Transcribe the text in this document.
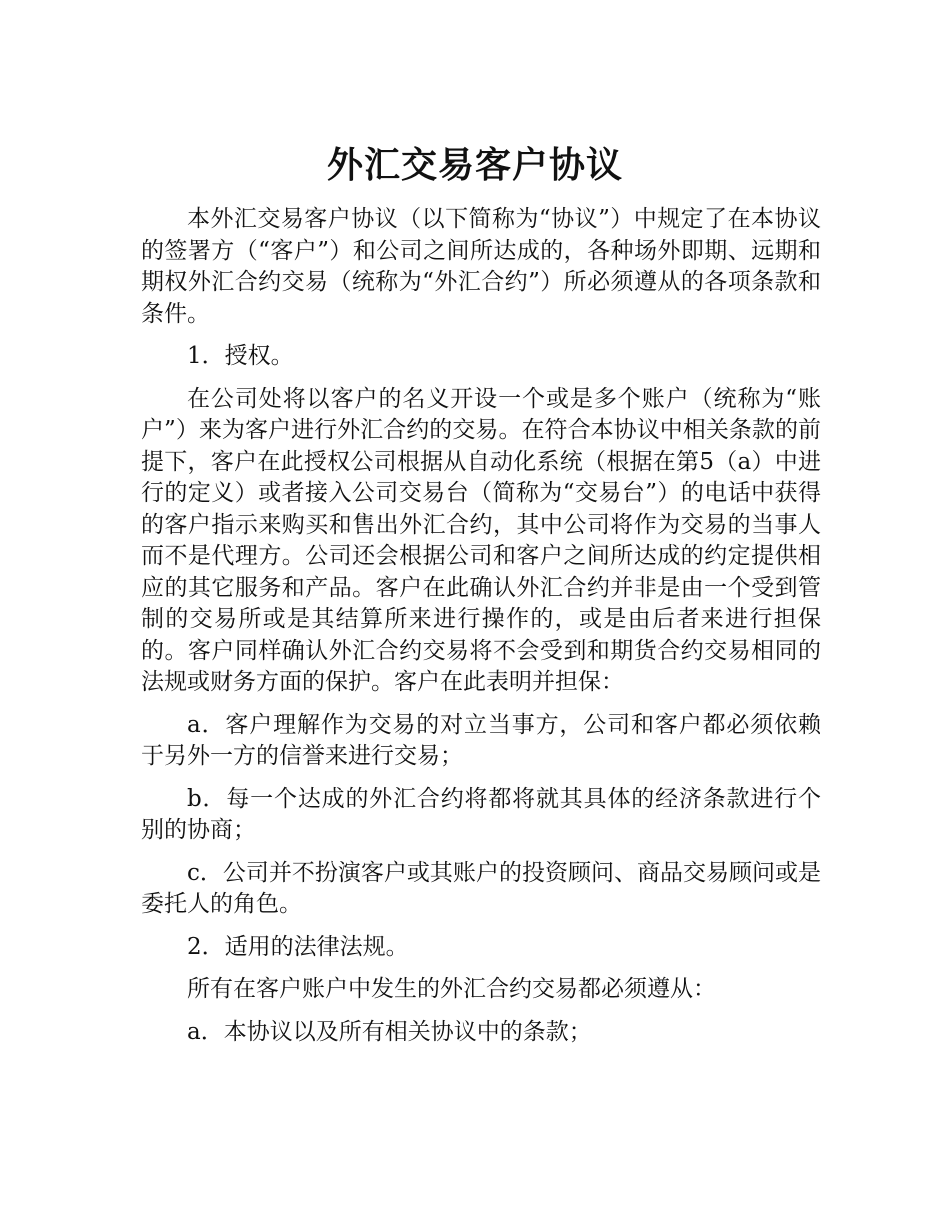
外汇交易客户协议

本外汇交易客户协议（以下简称为“协议”）中规定了在本协议的签署方（“客户”）和公司之间所达成的，各种场外即期、远期和期权外汇合约交易（统称为“外汇合约”）所必须遵从的各项条款和条件。

1．授权。

在公司处将以客户的名义开设一个或是多个账户（统称为“账户”）来为客户进行外汇合约的交易。在符合本协议中相关条款的前提下，客户在此授权公司根据从自动化系统（根据在第5（a）中进行的定义）或者接入公司交易台（简称为“交易台”）的电话中获得的客户指示来购买和售出外汇合约，其中公司将作为交易的当事人而不是代理方。公司还会根据公司和客户之间所达成的约定提供相应的其它服务和产品。客户在此确认外汇合约并非是由一个受到管制的交易所或是其结算所来进行操作的，或是由后者来进行担保的。客户同样确认外汇合约交易将不会受到和期货合约交易相同的法规或财务方面的保护。客户在此表明并担保：

a．客户理解作为交易的对立当事方，公司和客户都必须依赖于另外一方的信誉来进行交易；

b．每一个达成的外汇合约将都将就其具体的经济条款进行个别的协商；

c．公司并不扮演客户或其账户的投资顾问、商品交易顾问或是委托人的角色。

2．适用的法律法规。

所有在客户账户中发生的外汇合约交易都必须遵从：

a．本协议以及所有相关协议中的条款；
